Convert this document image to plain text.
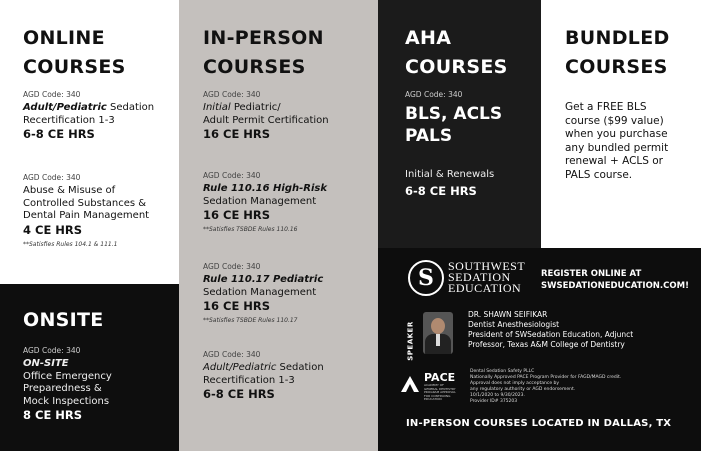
ONLINE
COURSES
AGD Code: 340
Adult/Pediatric Sedation
Recertification 1-3
6-8 CE HRS
AGD Code: 340
Abuse & Misuse of
Controlled Substances &
Dental Pain Management
4 CE HRS
**Satisfies Rules 104.1 & 111.1
ONSITE
AGD Code: 340
ON-SITE
Office Emergency
Preparedness &
Mock Inspections
8 CE HRS
IN-PERSON
COURSES
AGD Code: 340
Initial Pediatric/
Adult Permit Certification
16 CE HRS
AGD Code: 340
Rule 110.16 High-Risk
Sedation Management
16 CE HRS
**Satisfies TSBDE Rules 110.16
AGD Code: 340
Rule 110.17 Pediatric
Sedation Management
16 CE HRS
**Satisfies TSBDE Rules 110.17
AGD Code: 340
Adult/Pediatric Sedation
Recertification 1-3
6-8 CE HRS
AHA
COURSES
AGD Code: 340
BLS, ACLS
PALS
Initial & Renewals
6-8 CE HRS
BUNDLED
COURSES
Get a FREE BLS
course ($99 value)
when you purchase
any bundled permit
renewal + ACLS or
PALS course.
S SOUTHWEST
SEDATION
EDUCATION
REGISTER ONLINE AT
SWSEDATIONEDUCATION.COM!
SPEAKER
DR. SHAWN SEIFIKAR
Dentist Anesthesiologist
President of SWSedation Education, Adjunct
Professor, Texas A&M College of Dentistry
PACE
ACADEMY OF
GENERAL DENTISTRY
PROGRAM APPROVAL
FOR CONTINUING
EDUCATION
Dental Sedation Safety PLLC
Nationally Approved PACE Program Provider for FAGD/MAGD credit.
Approval does not imply acceptance by
any regulatory authority or AGD endorsement.
10/1/2020 to 9/30/2023.
Provider ID# 375203
IN-PERSON COURSES LOCATED IN DALLAS, TX
